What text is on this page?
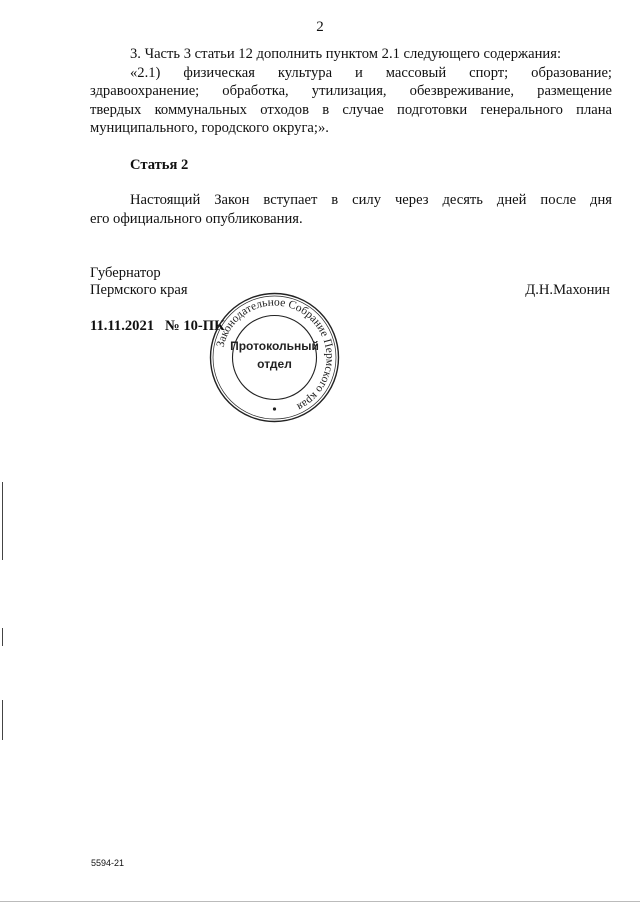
2
3. Часть 3 статьи 12 дополнить пунктом 2.1 следующего содержания:
«2.1) физическая культура и массовый спорт; образование;
здравоохранение; обработка, утилизация, обезвреживание, размещение
твердых коммунальных отходов в случае подготовки генерального плана
муниципального, городского округа;».
Статья 2
Настоящий Закон вступает в силу через десять дней после дня
его официального опубликования.
Губернатор
Пермского края	Д.Н.Махонин
11.11.2021 № 10-ПК
Законодательное Собрание Пермского края
Протокольный
отдел
5594-21
